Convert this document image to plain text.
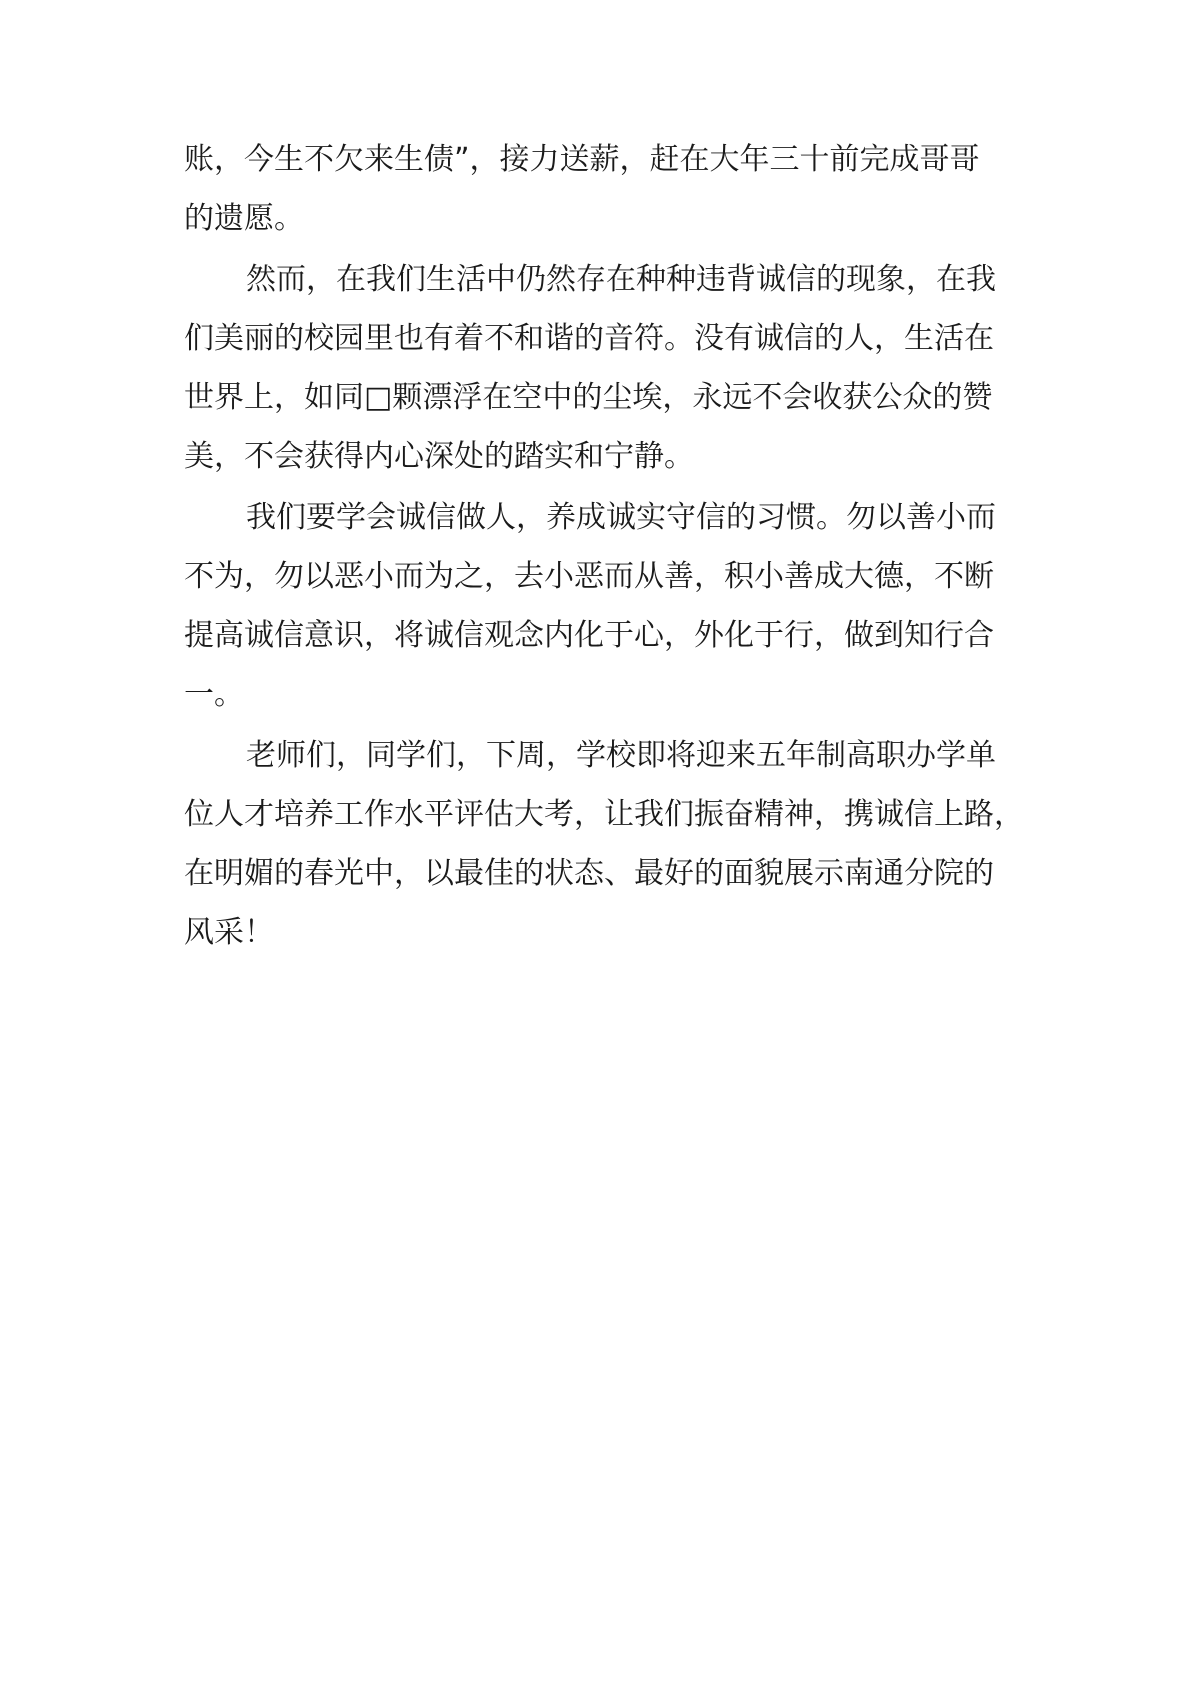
账，今生不欠来生债”，接力送薪，赶在大年三十前完成哥哥
的遗愿。
然而，在我们生活中仍然存在种种违背诚信的现象，在我
们美丽的校园里也有着不和谐的音符。没有诚信的人，生活在
世界上，如同□颗漂浮在空中的尘埃，永远不会收获公众的赞
美，不会获得内心深处的踏实和宁静。
我们要学会诚信做人，养成诚实守信的习惯。勿以善小而
不为，勿以恶小而为之，去小恶而从善，积小善成大德，不断
提高诚信意识，将诚信观念内化于心，外化于行，做到知行合
一。
老师们，同学们，下周，学校即将迎来五年制高职办学单
位人才培养工作水平评估大考，让我们振奋精神，携诚信上路，
在明媚的春光中，以最佳的状态、最好的面貌展示南通分院的
风采！
